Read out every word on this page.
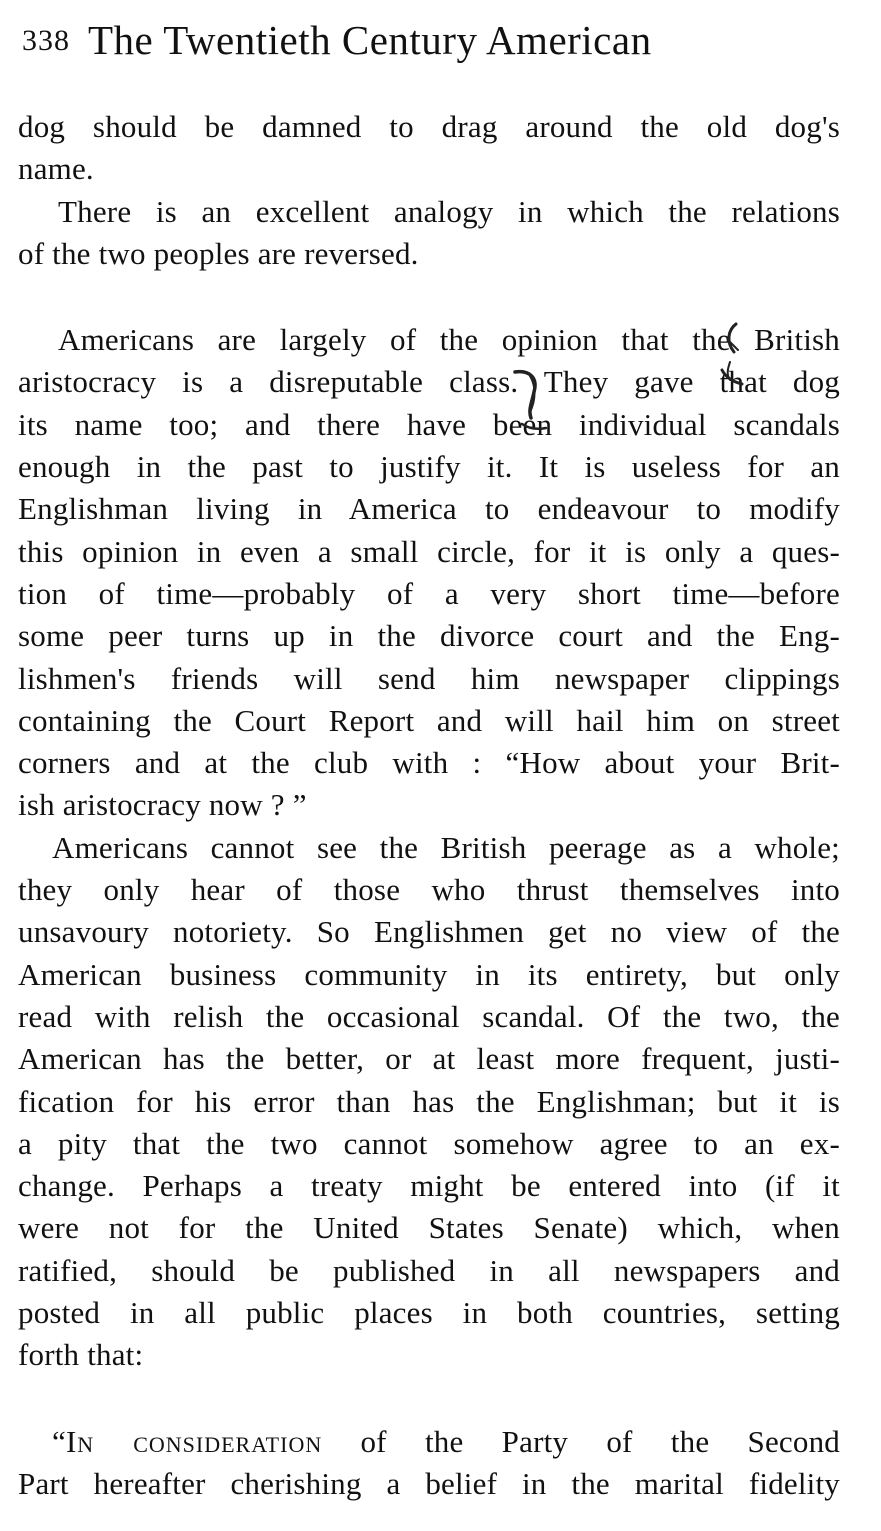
338 The Twentieth Century American
dog should be damned to drag around the old dog's
name.
There is an excellent analogy in which the relations
of the two peoples are reversed.
Americans are largely of the opinion that the British
aristocracy is a disreputable class. They gave that dog
its name too; and there have been individual scandals
enough in the past to justify it. It is useless for an
Englishman living in America to endeavour to modify
this opinion in even a small circle, for it is only a ques-
tion of time—probably of a very short time—before
some peer turns up in the divorce court and the Eng-
lishmen's friends will send him newspaper clippings
containing the Court Report and will hail him on street
corners and at the club with : “How about your Brit-
ish aristocracy now ? ”
Americans cannot see the British peerage as a whole;
they only hear of those who thrust themselves into
unsavoury notoriety. So Englishmen get no view of the
American business community in its entirety, but only
read with relish the occasional scandal. Of the two, the
American has the better, or at least more frequent, justi-
fication for his error than has the Englishman; but it is
a pity that the two cannot somehow agree to an ex-
change. Perhaps a treaty might be entered into (if it
were not for the United States Senate) which, when
ratified, should be published in all newspapers and
posted in all public places in both countries, setting
forth that:
“In consideration of the Party of the Second
Part hereafter cherishing a belief in the marital fidelity
